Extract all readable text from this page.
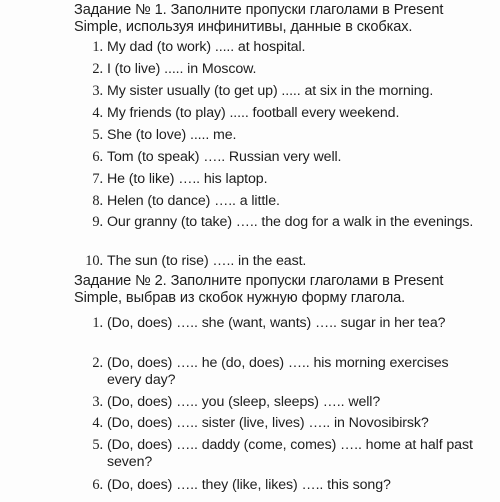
Задание № 1. Заполните пропуски глаголами в Present Simple, используя инфинитивы, данные в скобках.

1. My dad (to work) ..... at hospital.
2. I (to live) ..... in Moscow.
3. My sister usually (to get up) ..... at six in the morning.
4. My friends (to play) ..... football every weekend.
5. She (to love) ..... me.
6. Tom (to speak) ….. Russian very well.
7. He (to like) ….. his laptop.
8. Helen (to dance) ….. a little.
9. Our granny (to take) ….. the dog for a walk in the evenings.
10. The sun (to rise) ….. in the east.

Задание № 2. Заполните пропуски глаголами в Present Simple, выбрав из скобок нужную форму глагола.

1. (Do, does) ….. she (want, wants) ….. sugar in her tea?
2. (Do, does) ….. he (do, does) ….. his morning exercises every day?
3. (Do, does) ….. you (sleep, sleeps) ….. well?
4. (Do, does) ….. sister (live, lives) ….. in Novosibirsk?
5. (Do, does) ….. daddy (come, comes) ….. home at half past seven?
6. (Do, does) ….. they (like, likes) ….. this song?
